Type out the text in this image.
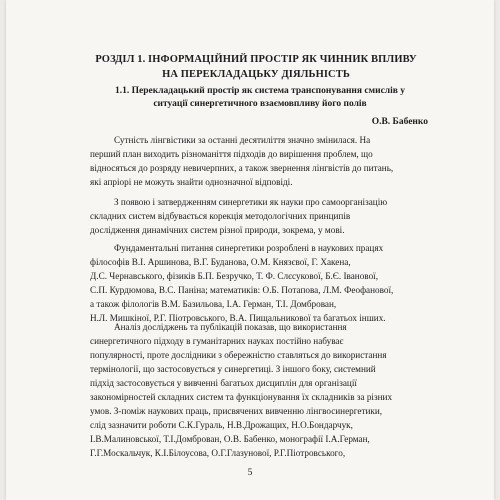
РОЗДІЛ 1. ІНФОРМАЦІЙНИЙ ПРОСТІР ЯК ЧИННИК ВПЛИВУ
НА ПЕРЕКЛАДАЦЬКУ ДІЯЛЬНІСТЬ
1.1. Перекладацький простір як система транспонування смислів у
ситуації синергетичного взаємовпливу його полів
О.В. Бабенко
Сутність лінгвістики за останні десятиліття значно змінилася. На
перший план виходить різноманіття підходів до вирішення проблем, що
відносяться до розряду невичерпних, а також звернення лінгвістів до питань,
які апріорі не можуть знайти однозначної відповіді.
З появою і затвердженням синергетики як науки про самоорганізацію
складних систем відбувається корекція методологічних принципів
дослідження динамічних систем різної природи, зокрема, у мові.
Фундаментальні питання синергетики розроблені в наукових працях
філософів В.І. Аршинова, В.Г. Буданова, О.М. Князєвої, Г. Хакена,
Д.С. Чернавського, фізиків Б.П. Безручко, Т. Ф. Слєсукової, Б.Є. Іванової,
С.П. Курдюмова, В.С. Паніна; математиків: О.Б. Потапова, Л.М. Феофанової,
а також філологів В.М. Базильова, І.А. Герман, Т.І. Домброван,
Н.Л. Мишкіної, Р.Г. Піотровського, В.А. Пищальникової та багатьох інших.
Аналіз досліджень та публікацій показав, що використання
синергетичного підходу в гуманітарних науках постійно набуває
популярності, проте дослідники з обережністю ставляться до використання
термінології, що застосовується у синергетиці. З іншого боку, системний
підхід застосовується у вивченні багатьох дисциплін для організації
закономірностей складних систем та функціонування їх складників за різних
умов. З-поміж наукових праць, присвячених вивченню лінгвосинергетики,
слід зазначити роботи С.К.Гураль, Н.В.Дрожащих, Н.О.Бондарчук,
І.В.Малиновської, Т.І.Домброван, О.В. Бабенко, монографії І.А.Герман,
Г.Г.Москальчук, К.І.Білоусова, О.Г.Глазунової, Р.Г.Піотровського,
5
